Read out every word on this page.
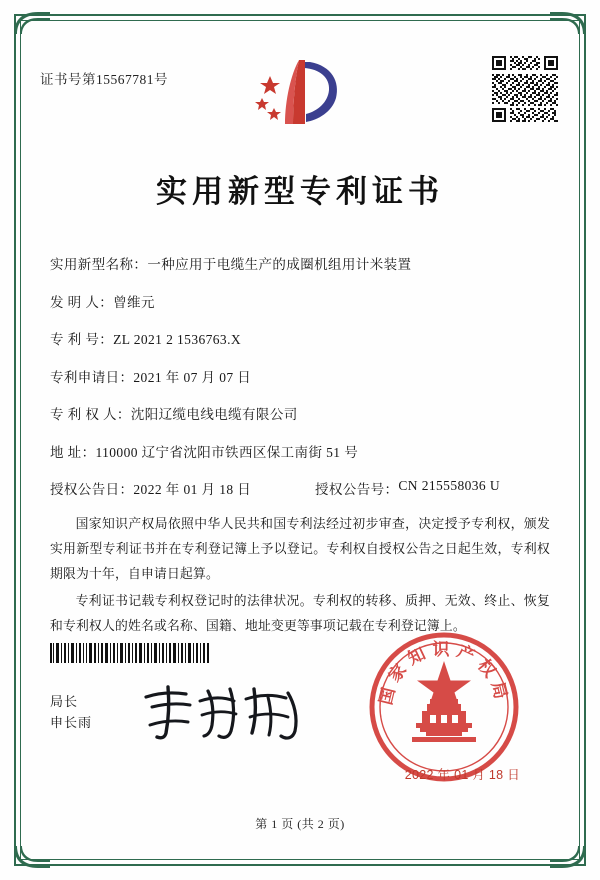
证书号第15567781号
实用新型专利证书
实用新型名称： 一种应用于电缆生产的成圈机组用计米装置
发 明 人： 曾维元
专 利 号： ZL 2021 2 1536763.X
专利申请日： 2021 年 07 月 07 日
专 利 权 人： 沈阳辽缆电线电缆有限公司
地 址： 110000 辽宁省沈阳市铁西区保工南街 51 号
授权公告日： 2022 年 01 月 18 日	授权公告号： CN 215558036 U

国家知识产权局依照中华人民共和国专利法经过初步审查，决定授予专利权，颁发实用新型专利证书并在专利登记簿上予以登记。专利权自授权公告之日起生效，专利权期限为十年，自申请日起算。

专利证书记载专利权登记时的法律状况。专利权的转移、质押、无效、终止、恢复和专利权人的姓名或名称、国籍、地址变更等事项记载在专利登记簿上。

局长
申长雨
国家知识产权局
2022 年 01 月 18 日
第 1 页 (共 2 页)
